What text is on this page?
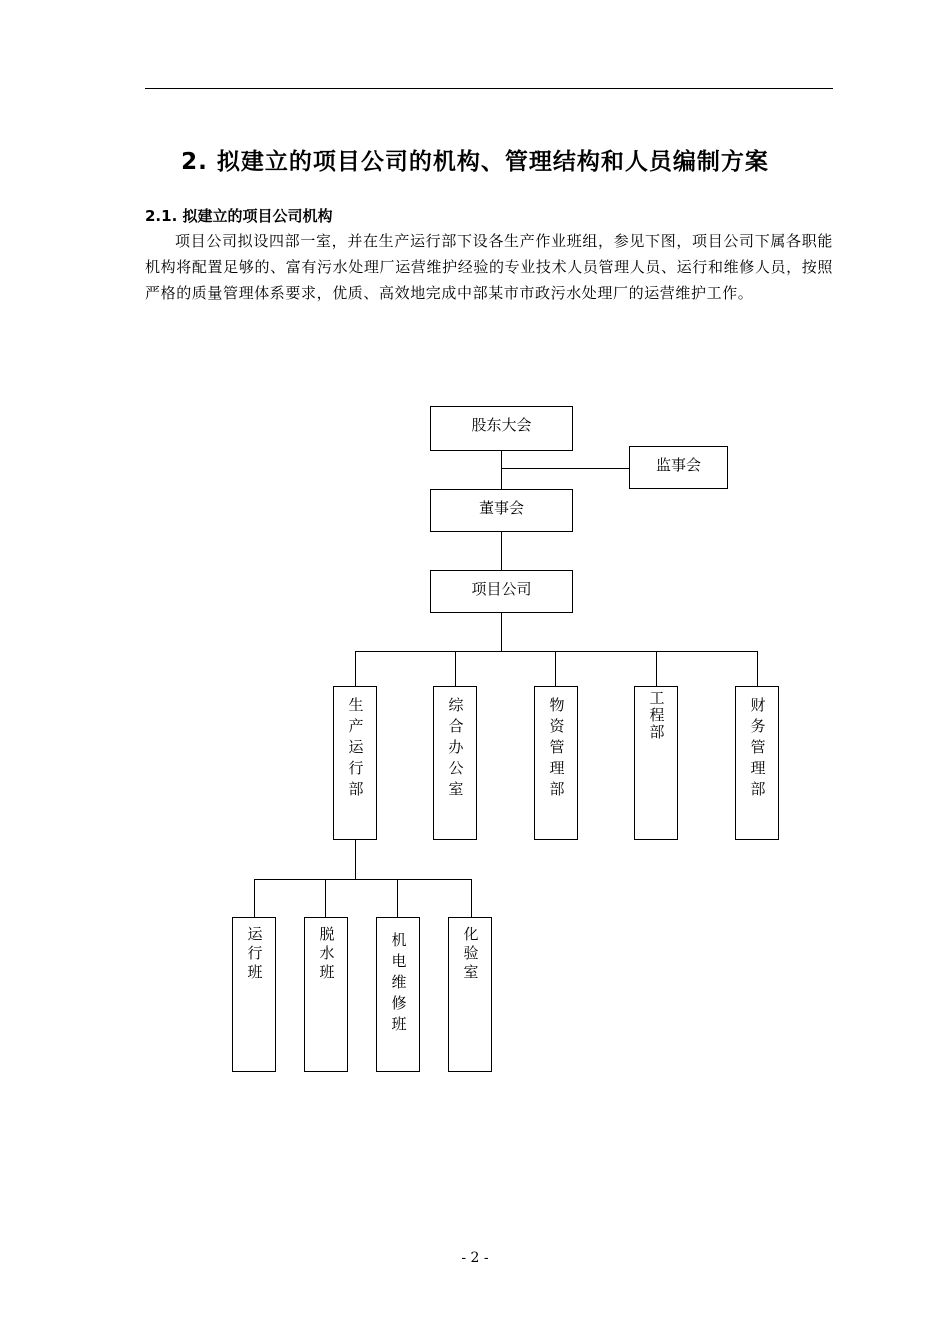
2. 拟建立的项目公司的机构、管理结构和人员编制方案
2.1. 拟建立的项目公司机构

项目公司拟设四部一室，并在生产运行部下设各生产作业班组，参见下图，项目公司下属各职能机构将配置足够的、富有污水处理厂运营维护经验的专业技术人员管理人员、运行和维修人员，按照严格的质量管理体系要求，优质、高效地完成中部某市市政污水处理厂的运营维护工作。

股东大会
监事会
董事会
项目公司
生产运行部	综合办公室	物资管理部	工程部	财务管理部
运行班	脱水班	机电维修班	化验室
- 2 -
